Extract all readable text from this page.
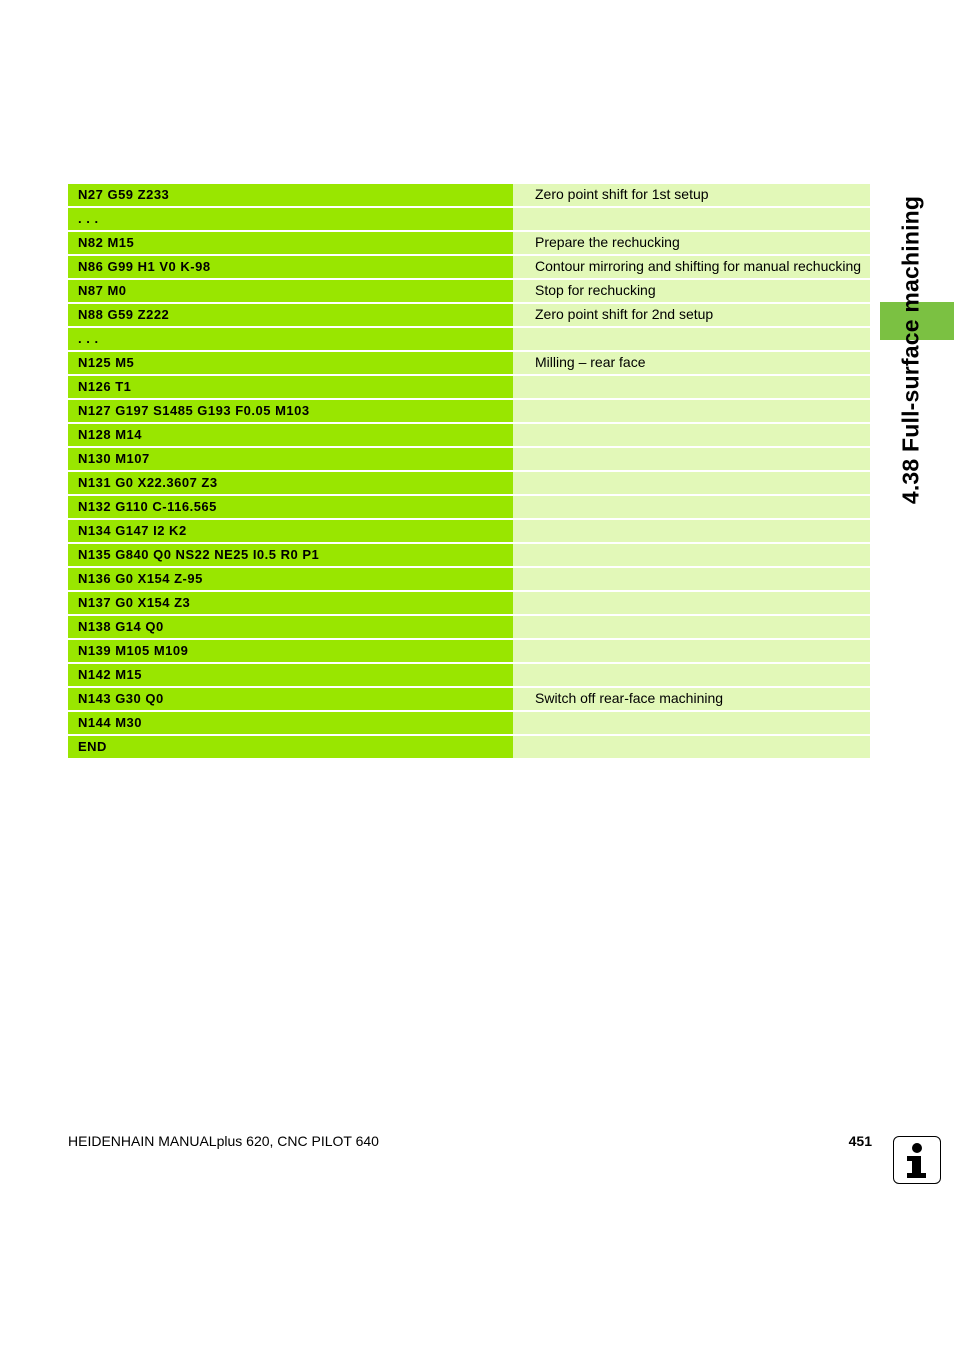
4.38 Full-surface machining
N27 G59 Z233	Zero point shift for 1st setup
. . .
N82 M15	Prepare the rechucking
N86 G99 H1 V0 K-98	Contour mirroring and shifting for manual rechucking
N87 M0	Stop for rechucking
N88 G59 Z222	Zero point shift for 2nd setup
. . .
N125 M5	Milling – rear face
N126 T1
N127 G197 S1485 G193 F0.05 M103
N128 M14
N130 M107
N131 G0 X22.3607 Z3
N132 G110 C-116.565
N134 G147 I2 K2
N135 G840 Q0 NS22 NE25 I0.5 R0 P1
N136 G0 X154 Z-95
N137 G0 X154 Z3
N138 G14 Q0
N139 M105 M109
N142 M15
N143 G30 Q0	Switch off rear-face machining
N144 M30
END
HEIDENHAIN MANUALplus 620, CNC PILOT 640	451
